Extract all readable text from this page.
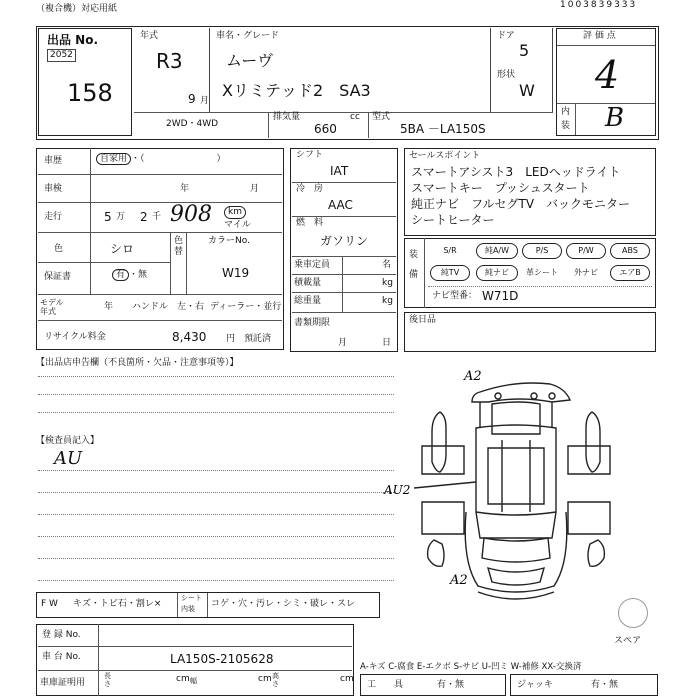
（複合機）対応用紙	1003839333
出品 No.
2052
158
年式
R3
9 月
車名・グレード
ムーヴ
Xリミテッド2　SA3
ドア
5
形状
W
2WD・4WD
排気量	cc
660
型式
5BA －LA150S
評 価 点
4
内
装 B
車歴	自家用 ・（　　　　　　　　）
車検	年	月
走行	5 万 2 千 908	km
マイル
色	シロ
色替
カラーNo.
W19
保証書	有 ・無
モデル年式	年 ハンドル　左・右 ディーラー・並行
リサイクル料金	8,430 円　預託済
シフト
IAT
冷　房
AAC
燃　料
ガソリン
乗車定員	名
積載量	kg
総重量	kg
書類期限
月	日
セールスポイント
スマートアシスト3　LEDヘッドライト
スマートキー　プッシュスタート
純正ナビ　フルセグTV　バックモニター
シートヒーター
装
備
S/R	純A/W	P/S	P/W	ABS
純TV	純ナビ	革シート	外ナビ	エアB
ナビ型番： W71D
後日品
【出品店申告欄（不良箇所・欠品・注意事項等）】
【検査員記入】
AU
A2
AU2
A2
スペア
F W キズ・トビ石・割レ×
シート
内装 コゲ・穴・汚レ・シミ・破レ・スレ
登 録 No.
車 台 No.	LA150S-2105628
車庫証明用
長さ	cm 幅	cm 高さ	cm
A-キズ C-腐食 E-エクボ S-サビ U-凹ミ W-補修 XX-交換済
工　　具	有・無	ジャッキ	有・無
